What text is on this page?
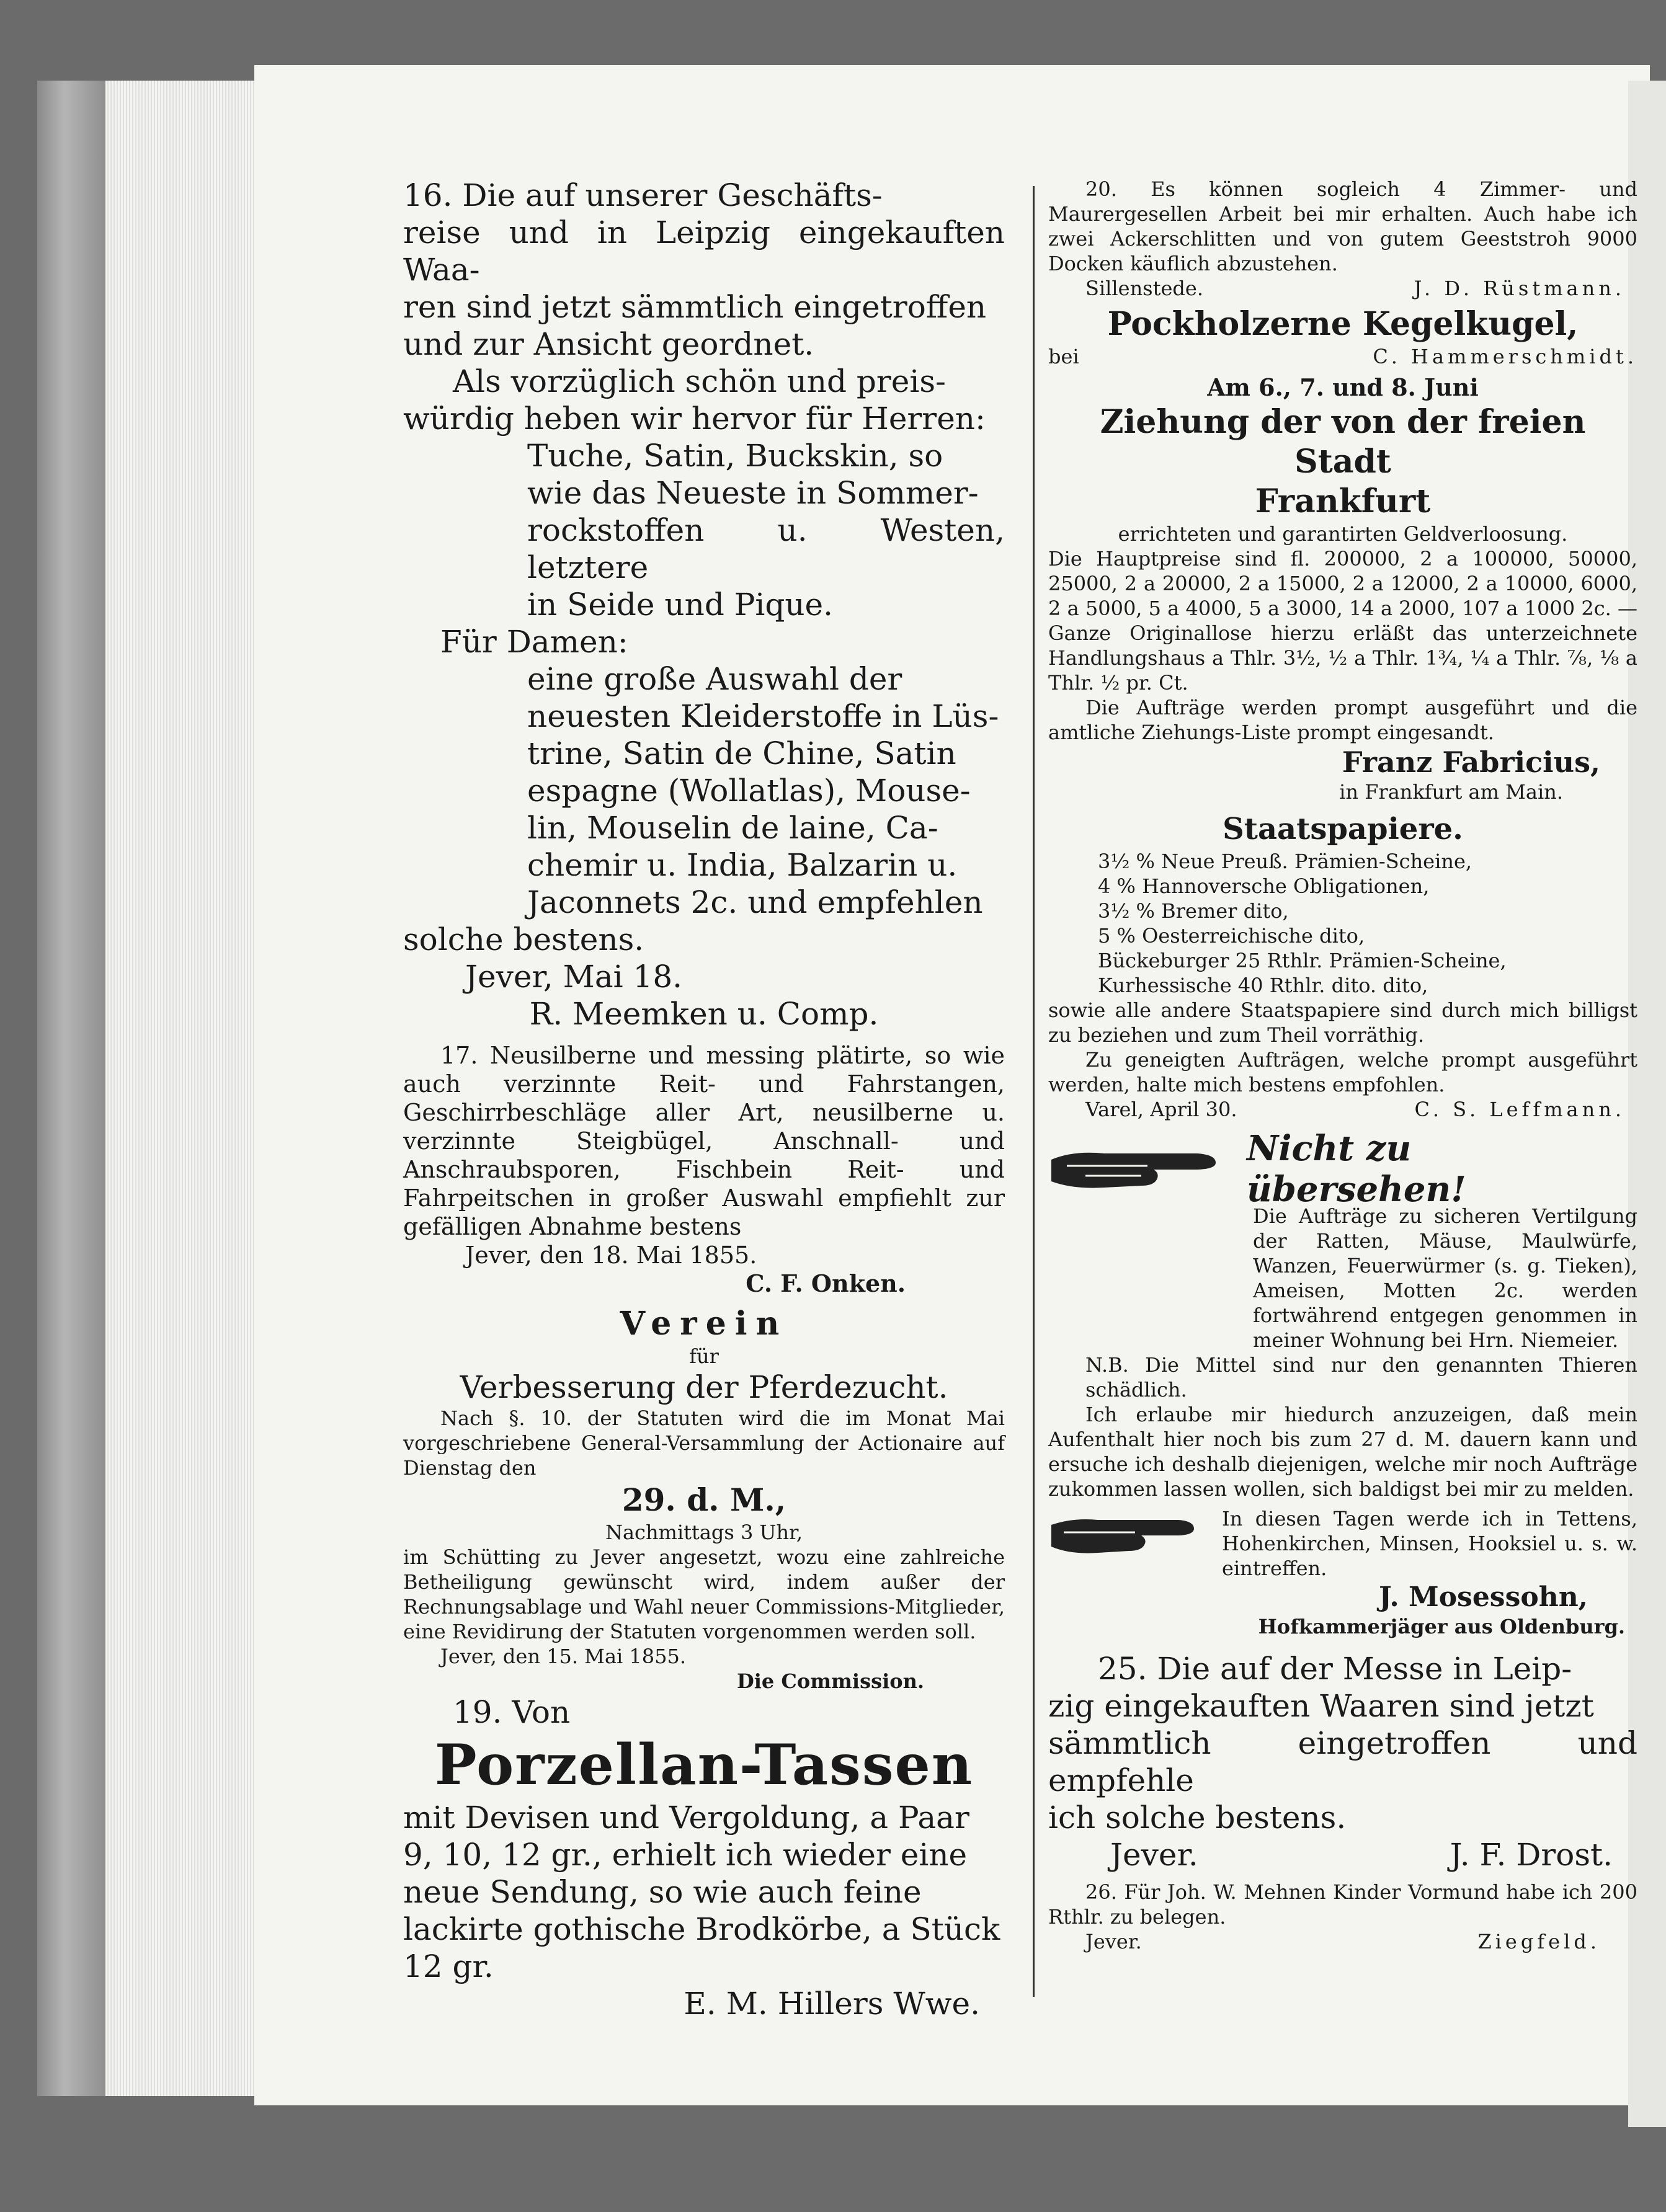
16. Die auf unserer Geschäfts-

reise und in Leipzig eingekauften Waa-

ren sind jetzt sämmtlich eingetroffen

und zur Ansicht geordnet.

Als vorzüglich schön und preis-

würdig heben wir hervor für Herren:

Tuche, Satin, Buckskin, so

wie das Neueste in Sommer-

rockstoffen u. Westen, letztere

in Seide und Pique.

Für Damen:

eine große Auswahl der

neuesten Kleiderstoffe in Lüs-

trine, Satin de Chine, Satin

espagne (Wollatlas), Mouse-

lin, Mouselin de laine, Ca-

chemir u. India, Balzarin u.

Jaconnets 2c. und empfehlen

solche bestens.

Jever, Mai 18.

R. Meemken u. Comp.

17. Neusilberne und messing plätirte, so wie auch verzinnte Reit- und Fahrstangen, Geschirrbeschläge aller Art, neusilberne u. verzinnte Steigbügel, Anschnall- und Anschraubsporen, Fischbein Reit- und Fahrpeitschen in großer Auswahl empfiehlt zur gefälligen Abnahme bestens

Jever, den 18. Mai 1855.

C. F. Onken.

Verein

für

Verbesserung der Pferdezucht.

Nach §. 10. der Statuten wird die im Monat Mai vorgeschriebene General-Versammlung der Actionaire auf Dienstag den

29. d. M.,

Nachmittags 3 Uhr,

im Schütting zu Jever angesetzt, wozu eine zahlreiche Betheiligung gewünscht wird, indem außer der Rechnungsablage und Wahl neuer Commissions-Mitglieder, eine Revidirung der Statuten vorgenommen werden soll.

Jever, den 15. Mai 1855.

Die Commission.

19. Von

Porzellan-Tassen

mit Devisen und Vergoldung, a Paar

9, 10, 12 gr., erhielt ich wieder eine

neue Sendung, so wie auch feine

lackirte gothische Brodkörbe, a Stück

12 gr.

E. M. Hillers Wwe.

20. Es können sogleich 4 Zimmer- und Maurergesellen Arbeit bei mir erhalten. Auch habe ich zwei Ackerschlitten und von gutem Geeststroh 9000 Docken käuflich abzustehen.

Sillenstede.	J. D. Rüstmann.

Pockholzerne Kegelkugel,

bei	C. Hammerschmidt.

Am 6., 7. und 8. Juni

Ziehung der von der freien Stadt

Frankfurt

errichteten und garantirten Geldverloosung.

Die Hauptpreise sind fl. 200000, 2 a 100000, 50000, 25000, 2 a 20000, 2 a 15000, 2 a 12000, 2 a 10000, 6000, 2 a 5000, 5 a 4000, 5 a 3000, 14 a 2000, 107 a 1000 2c. — Ganze Originallose hierzu erläßt das unterzeichnete Handlungshaus a Thlr. 3½, ½ a Thlr. 1¾, ¼ a Thlr. ⅞, ⅛ a Thlr. ½ pr. Ct.

Die Aufträge werden prompt ausgeführt und die amtliche Ziehungs-Liste prompt eingesandt.

Franz Fabricius,

in Frankfurt am Main.

Staatspapiere.

3½ % Neue Preuß. Prämien-Scheine,

4 % Hannoversche Obligationen,

3½ % Bremer dito,

5 % Oesterreichische dito,

Bückeburger 25 Rthlr. Prämien-Scheine,

Kurhessische 40 Rthlr. dito. dito,

sowie alle andere Staatspapiere sind durch mich billigst zu beziehen und zum Theil vorräthig.

Zu geneigten Aufträgen, welche prompt ausgeführt werden, halte mich bestens empfohlen.

Varel, April 30.	C. S. Leffmann.
Nicht zu übersehen!

Die Aufträge zu sicheren Vertilgung der Ratten, Mäuse, Maulwürfe, Wanzen, Feuerwürmer (s. g. Tieken), Ameisen, Motten 2c. werden fortwährend entgegen genommen in meiner Wohnung bei Hrn. Niemeier.

N.B. Die Mittel sind nur den genannten Thieren schädlich.

Ich erlaube mir hiedurch anzuzeigen, daß mein Aufenthalt hier noch bis zum 27 d. M. dauern kann und ersuche ich deshalb diejenigen, welche mir noch Aufträge zukommen lassen wollen, sich baldigst bei mir zu melden.

In diesen Tagen werde ich in Tettens, Hohenkirchen, Minsen, Hooksiel u. s. w. eintreffen.

J. Mosessohn,

Hofkammerjäger aus Oldenburg.

25. Die auf der Messe in Leip-

zig eingekauften Waaren sind jetzt

sämmtlich eingetroffen und empfehle

ich solche bestens.

Jever.	J. F. Drost.

26. Für Joh. W. Mehnen Kinder Vormund habe ich 200 Rthlr. zu belegen.

Jever.	Ziegfeld.
